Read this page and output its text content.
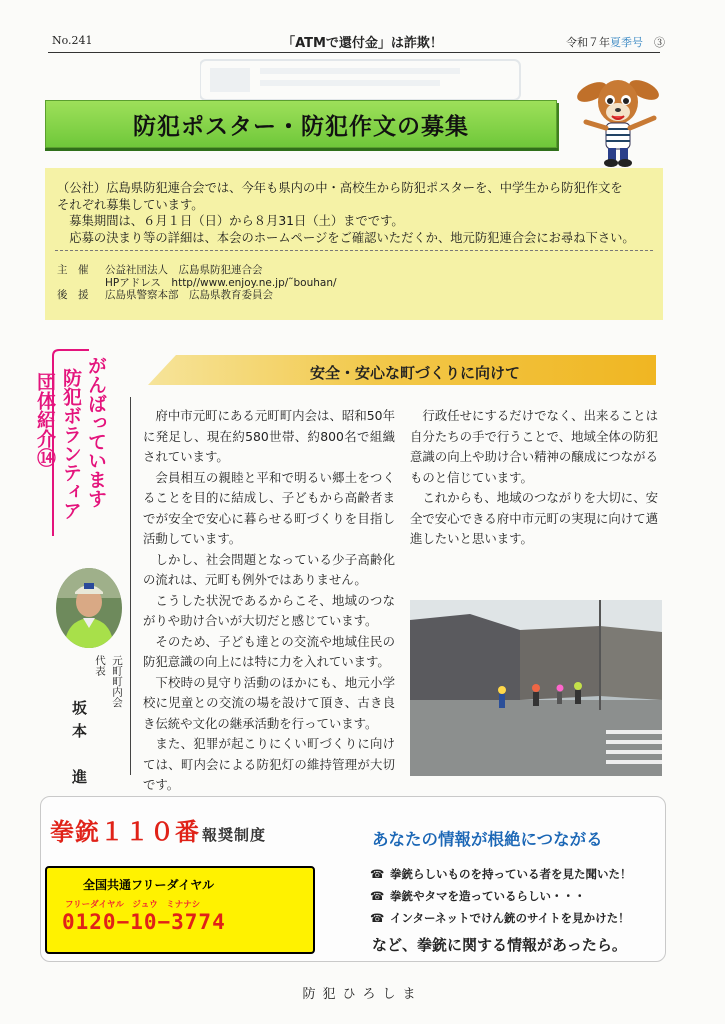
No.241	「ATMで還付金」は詐欺！	令和７年夏季号　 ③
防犯ポスター・防犯作文の募集
（公社）広島県防犯連合会では、今年も県内の中・高校生から防犯ポスターを、中学生から防犯作文を
それぞれ募集しています。
　募集期間は、６月１日（日）から８月31日（土）までです。
　応募の決まり等の詳細は、本会のホームページをご確認いただくか、地元防犯連合会にお尋ね下さい。
主　催 公益社団法人　広島県防犯連合会
HPアドレス　 http//www.enjoy.ne.jp/˜bouhan/
後　援 広島県警察本部　広島県教育委員会
がんばっています
防犯ボランティア
団体紹介⑭	安全・安心な町づくりに向けて

府中市元町にある元町町内会は、昭和50年に発足し、現在約580世帯、約800名で組織されています。

会員相互の親睦と平和で明るい郷土をつくることを目的に結成し、子どもから高齢者までが安全で安心に暮らせる町づくりを目指し活動しています。

しかし、社会問題となっている少子高齢化の流れは、元町も例外ではありません。

こうした状況であるからこそ、地域のつながりや助け合いが大切だと感じています。

そのため、子ども達との交流や地域住民の防犯意識の向上には特に力を入れています。

下校時の見守り活動のほかにも、地元小学校に児童との交流の場を設けて頂き、古き良き伝統や文化の継承活動を行っています。

また、犯罪が起こりにくい町づくりに向けては、町内会による防犯灯の維持管理が大切です。

行政任せにするだけでなく、出来ることは自分たちの手で行うことで、地域全体の防犯意識の向上や助け合い精神の醸成につながるものと信じています。

これからも、地域のつながりを大切に、安全で安心できる府中市元町の実現に向けて邁進したいと思います。

元町町内会
代表
坂本　進
拳銃１１０番 報奨制度
全国共通フリーダイヤル
フリーダイヤル　ジュウ　ミナナシ
0120−10−3774
あなたの情報が根絶につながる
☎ 拳銃らしいものを持っている者を見た聞いた！
☎ 拳銃やタマを造っているらしい・・・
☎ インターネットでけん銃のサイトを見かけた！
など、拳銃に関する情報があったら。
防犯ひろしま
